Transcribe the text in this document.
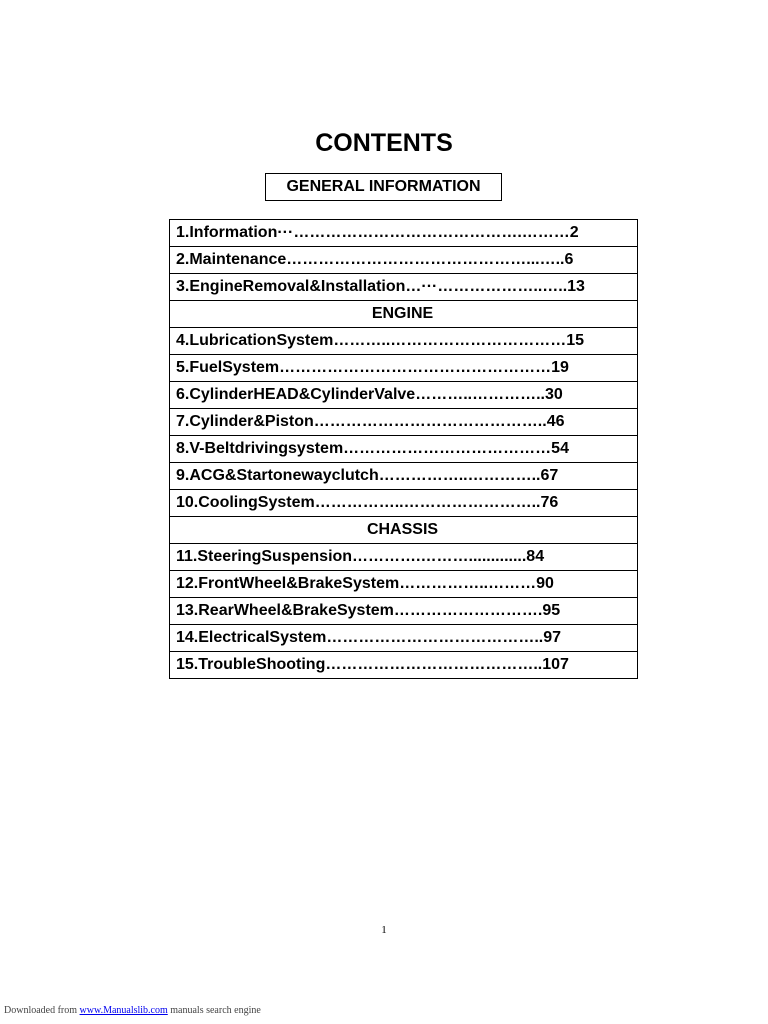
CONTENTS
GENERAL INFORMATION
1.Information···…………………………………….………2
2.Maintenance………………………………………...…..6
3.EngineRemoval&Installation…···………………..…..13
ENGINE
4.LubricationSystem………..……………………………15
5.FuelSystem……………………………………………19
6.CylinderHEAD&CylinderValve………..…………..30
7.Cylinder&Piston……………………………………..46
8.V-Beltdrivingsystem…………………………………54
9.ACG&Startonewayclutch……………..…………..67
10.CoolingSystem……………..……………………..76
CHASSIS
11.SteeringSuspension………….……….............84
12.FrontWheel&BrakeSystem……………..………90
13.RearWheel&BrakeSystem……………………….95
14.ElectricalSystem…………………………………..97
15.TroubleShooting…………………………………..107
1
Downloaded from www.Manualslib.com manuals search engine
